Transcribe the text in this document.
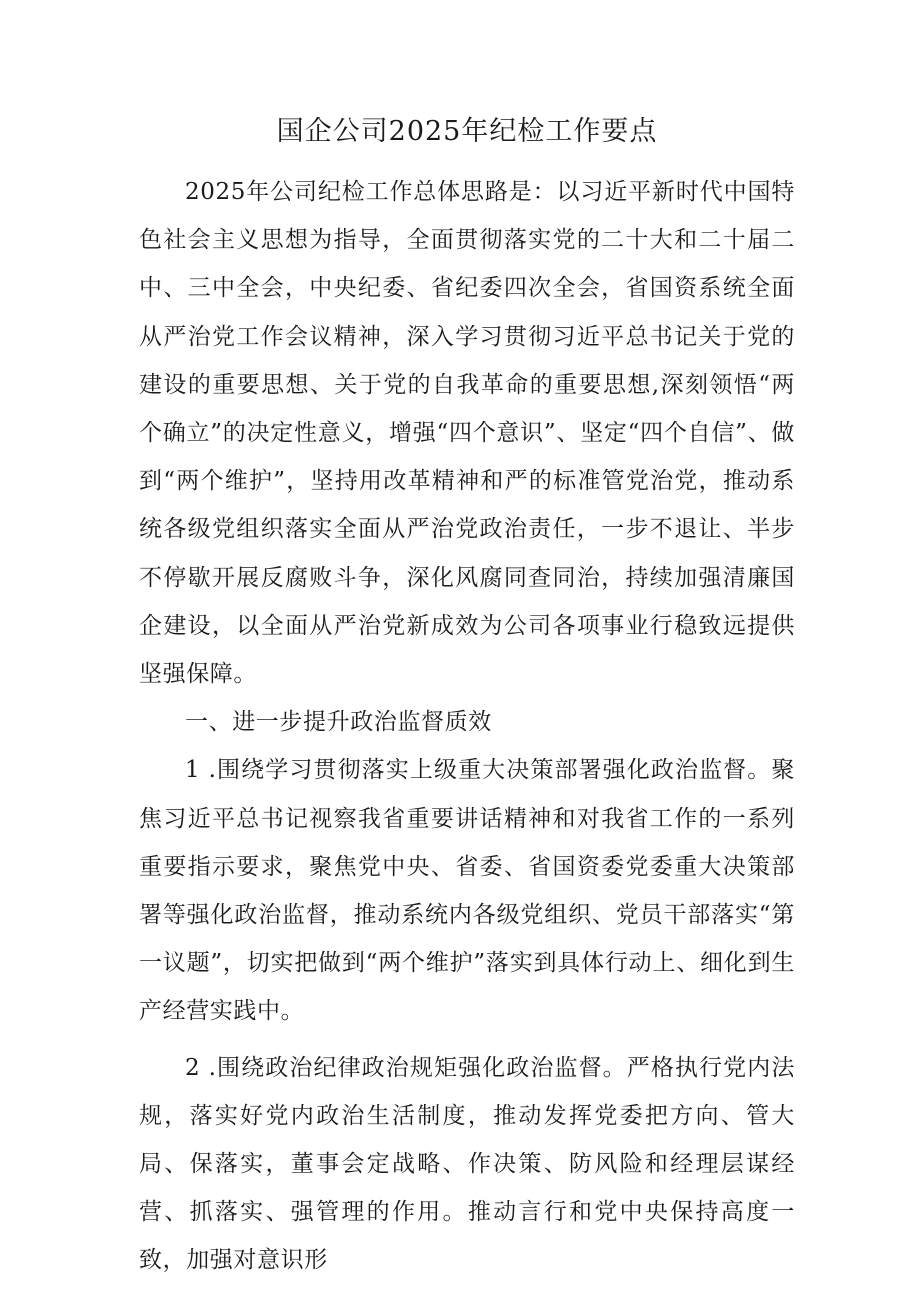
国企公司2025年纪检工作要点

2025年公司纪检工作总体思路是：以习近平新时代中国特色社会主义思想为指导，全面贯彻落实党的二十大和二十届二中、三中全会，中央纪委、省纪委四次全会，省国资系统全面从严治党工作会议精神，深入学习贯彻习近平总书记关于党的建设的重要思想、关于党的自我革命的重要思想,深刻领悟“两个确立”的决定性意义，增强“四个意识”、坚定“四个自信”、做到“两个维护”，坚持用改革精神和严的标准管党治党，推动系统各级党组织落实全面从严治党政治责任，一步不退让、半步不停歇开展反腐败斗争，深化风腐同查同治，持续加强清廉国企建设，以全面从严治党新成效为公司各项事业行稳致远提供坚强保障。

一、进一步提升政治监督质效

1 .围绕学习贯彻落实上级重大决策部署强化政治监督。聚焦习近平总书记视察我省重要讲话精神和对我省工作的一系列重要指示要求，聚焦党中央、省委、省国资委党委重大决策部署等强化政治监督，推动系统内各级党组织、党员干部落实“第一议题”，切实把做到“两个维护”落实到具体行动上、细化到生产经营实践中。

2 .围绕政治纪律政治规矩强化政治监督。严格执行党内法规，落实好党内政治生活制度，推动发挥党委把方向、管大局、保落实，董事会定战略、作决策、防风险和经理层谋经营、抓落实、强管理的作用。推动言行和党中央保持高度一致，加强对意识形
